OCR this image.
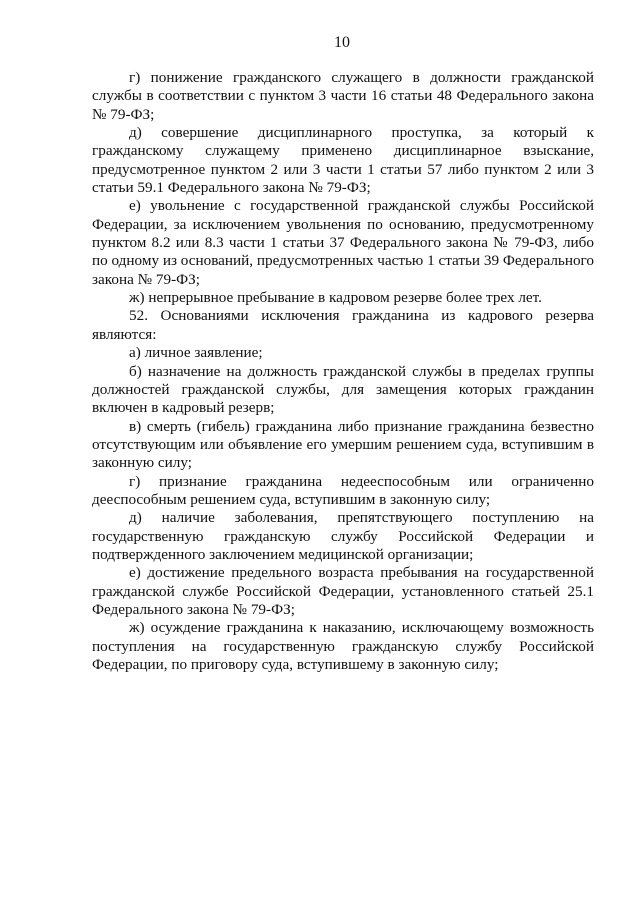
10

г) понижение гражданского служащего в должности гражданской службы в соответствии с пунктом 3 части 16 статьи 48 Федерального закона № 79-ФЗ;

д) совершение дисциплинарного проступка, за который к гражданскому служащему применено дисциплинарное взыскание, предусмотренное пунктом 2 или 3 части 1 статьи 57 либо пунктом 2 или 3 статьи 59.1 Федерального закона № 79-ФЗ;

е) увольнение с государственной гражданской службы Российской Федерации, за исключением увольнения по основанию, предусмотренному пунктом 8.2 или 8.3 части 1 статьи 37 Федерального закона № 79-ФЗ, либо по одному из оснований, предусмотренных частью 1 статьи 39 Федерального закона № 79-ФЗ;

ж) непрерывное пребывание в кадровом резерве более трех лет.

52. Основаниями исключения гражданина из кадрового резерва являются:

а) личное заявление;

б) назначение на должность гражданской службы в пределах группы должностей гражданской службы, для замещения которых гражданин включен в кадровый резерв;

в) смерть (гибель) гражданина либо признание гражданина безвестно отсутствующим или объявление его умершим решением суда, вступившим в законную силу;

г) признание гражданина недееспособным или ограниченно дееспособным решением суда, вступившим в законную силу;

д) наличие заболевания, препятствующего поступлению на государственную гражданскую службу Российской Федерации и подтвержденного заключением медицинской организации;

е) достижение предельного возраста пребывания на государственной гражданской службе Российской Федерации, установленного статьей 25.1 Федерального закона № 79-ФЗ;

ж) осуждение гражданина к наказанию, исключающему возможность поступления на государственную гражданскую службу Российской Федерации, по приговору суда, вступившему в законную силу;
